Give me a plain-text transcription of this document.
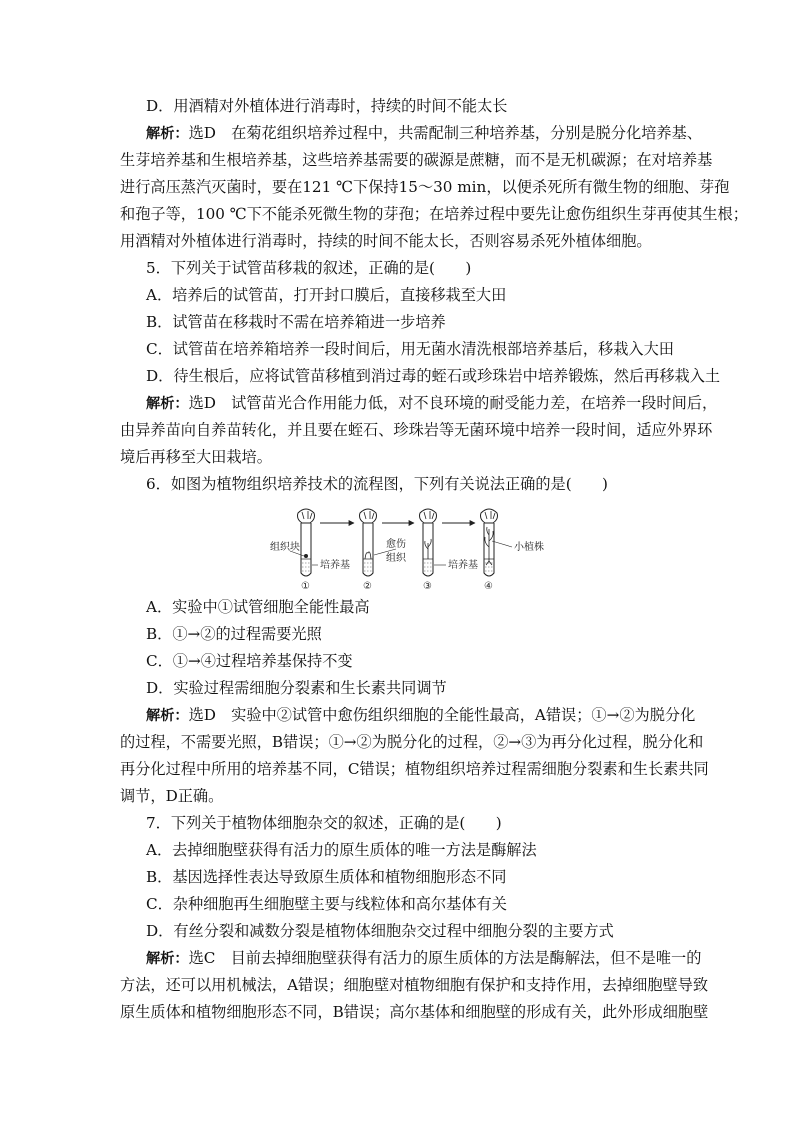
D．用酒精对外植体进行消毒时，持续的时间不能太长
解析：选D　在菊花组织培养过程中，共需配制三种培养基，分别是脱分化培养基、
生芽培养基和生根培养基，这些培养基需要的碳源是蔗糖，而不是无机碳源；在对培养基
进行高压蒸汽灭菌时，要在121 ℃下保持15～30 min，以便杀死所有微生物的细胞、芽孢
和孢子等，100 ℃下不能杀死微生物的芽孢；在培养过程中要先让愈伤组织生芽再使其生根；
用酒精对外植体进行消毒时，持续的时间不能太长，否则容易杀死外植体细胞。
5．下列关于试管苗移栽的叙述，正确的是(　　)
A．培养后的试管苗，打开封口膜后，直接移栽至大田
B．试管苗在移栽时不需在培养箱进一步培养
C．试管苗在培养箱培养一段时间后，用无菌水清洗根部培养基后，移栽入大田
D．待生根后，应将试管苗移植到消过毒的蛭石或珍珠岩中培养锻炼，然后再移栽入土
解析：选D　试管苗光合作用能力低，对不良环境的耐受能力差，在培养一段时间后，
由异养苗向自养苗转化，并且要在蛭石、珍珠岩等无菌环境中培养一段时间，适应外界环
境后再移至大田栽培。
6．如图为植物组织培养技术的流程图，下列有关说法正确的是(　　)
组织块
培养基
愈伤
组织
培养基
小植株
①	②	③	④
A．实验中①试管细胞全能性最高
B．①→②的过程需要光照
C．①→④过程培养基保持不变
D．实验过程需细胞分裂素和生长素共同调节
解析：选D　实验中②试管中愈伤组织细胞的全能性最高，A错误；①→②为脱分化
的过程，不需要光照，B错误；①→②为脱分化的过程，②→③为再分化过程，脱分化和
再分化过程中所用的培养基不同，C错误；植物组织培养过程需细胞分裂素和生长素共同
调节，D正确。
7．下列关于植物体细胞杂交的叙述，正确的是(　　)
A．去掉细胞壁获得有活力的原生质体的唯一方法是酶解法
B．基因选择性表达导致原生质体和植物细胞形态不同
C．杂种细胞再生细胞壁主要与线粒体和高尔基体有关
D．有丝分裂和减数分裂是植物体细胞杂交过程中细胞分裂的主要方式
解析：选C　目前去掉细胞壁获得有活力的原生质体的方法是酶解法，但不是唯一的
方法，还可以用机械法，A错误；细胞壁对植物细胞有保护和支持作用，去掉细胞壁导致
原生质体和植物细胞形态不同，B错误；高尔基体和细胞壁的形成有关，此外形成细胞壁
